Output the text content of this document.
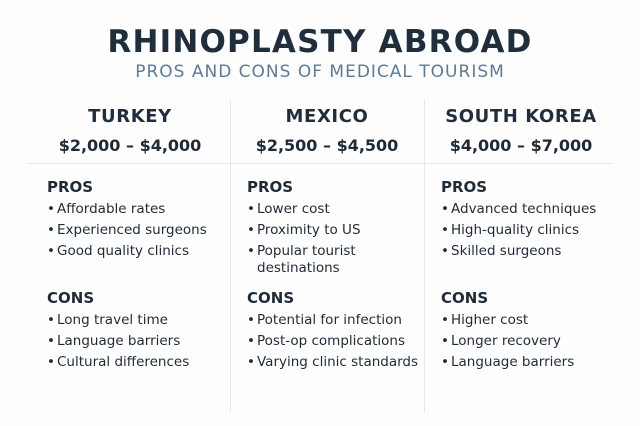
RHINOPLASTY ABROAD
PROS AND CONS OF MEDICAL TOURISM
TURKEY
$2,000 – $4,000
PROS
• Affordable rates
• Experienced surgeons
• Good quality clinics
CONS
• Long travel time
• Language barriers
• Cultural differences
MEXICO
$2,500 – $4,500
PROS
• Lower cost
• Proximity to US
• Popular tourist destinations
CONS
• Potential for infection
• Post-op complications
• Varying clinic standards
SOUTH KOREA
$4,000 – $7,000
PROS
• Advanced techniques
• High-quality clinics
• Skilled surgeons
CONS
• Higher cost
• Longer recovery
• Language barriers
